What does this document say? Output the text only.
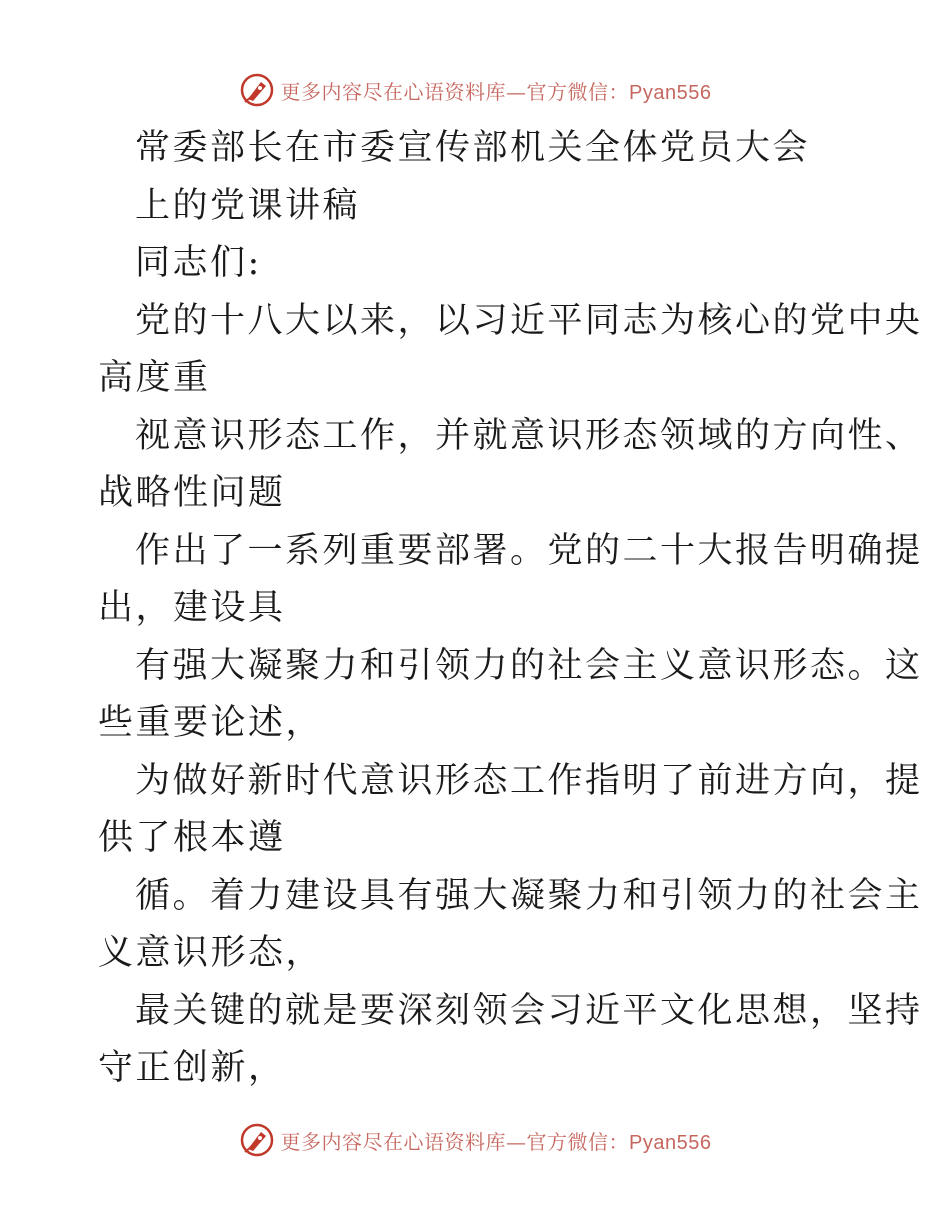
更多内容尽在心语资料库—官方微信：Pyan556
常委部长在市委宣传部机关全体党员大会
上的党课讲稿
同志们:
党的十八大以来，以习近平同志为核心的党中央
高度重
视意识形态工作，并就意识形态领域的方向性、
战略性问题
作出了一系列重要部署。党的二十大报告明确提
出，建设具
有强大凝聚力和引领力的社会主义意识形态。这
些重要论述，
为做好新时代意识形态工作指明了前进方向，提
供了根本遵
循。着力建设具有强大凝聚力和引领力的社会主
义意识形态，
最关键的就是要深刻领会习近平文化思想，坚持
守正创新，
更多内容尽在心语资料库—官方微信：Pyan556
